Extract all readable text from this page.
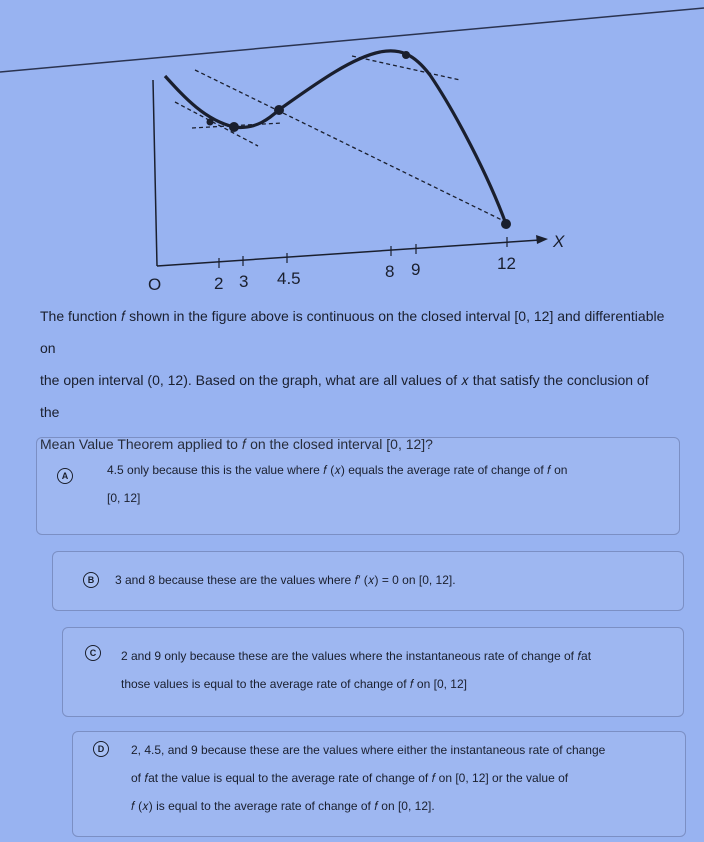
O
X
2 3 4.5	8 9	12

The function 𝑓 shown in the figure above is continuous on the closed interval [0, 12] and differentiable on

the open interval (0, 12). Based on the graph, what are all values of 𝑥 that satisfy the conclusion of the

Mean Value Theorem applied to 𝑓 on the closed interval [0, 12]?

A	4.5 only because this is the value where 𝑓 (𝑥) equals the average rate of change of 𝑓 on
[0, 12]
B	3 and 8 because these are the values where 𝑓′ (𝑥) = 0 on [0, 12].
C	2 and 9 only because these are the values where the instantaneous rate of change of 𝑓at
those values is equal to the average rate of change of 𝑓 on [0, 12]
D	2, 4.5, and 9 because these are the values where either the instantaneous rate of change
of 𝑓at the value is equal to the average rate of change of 𝑓 on [0, 12] or the value of
𝑓 (𝑥) is equal to the average rate of change of 𝑓 on [0, 12].
